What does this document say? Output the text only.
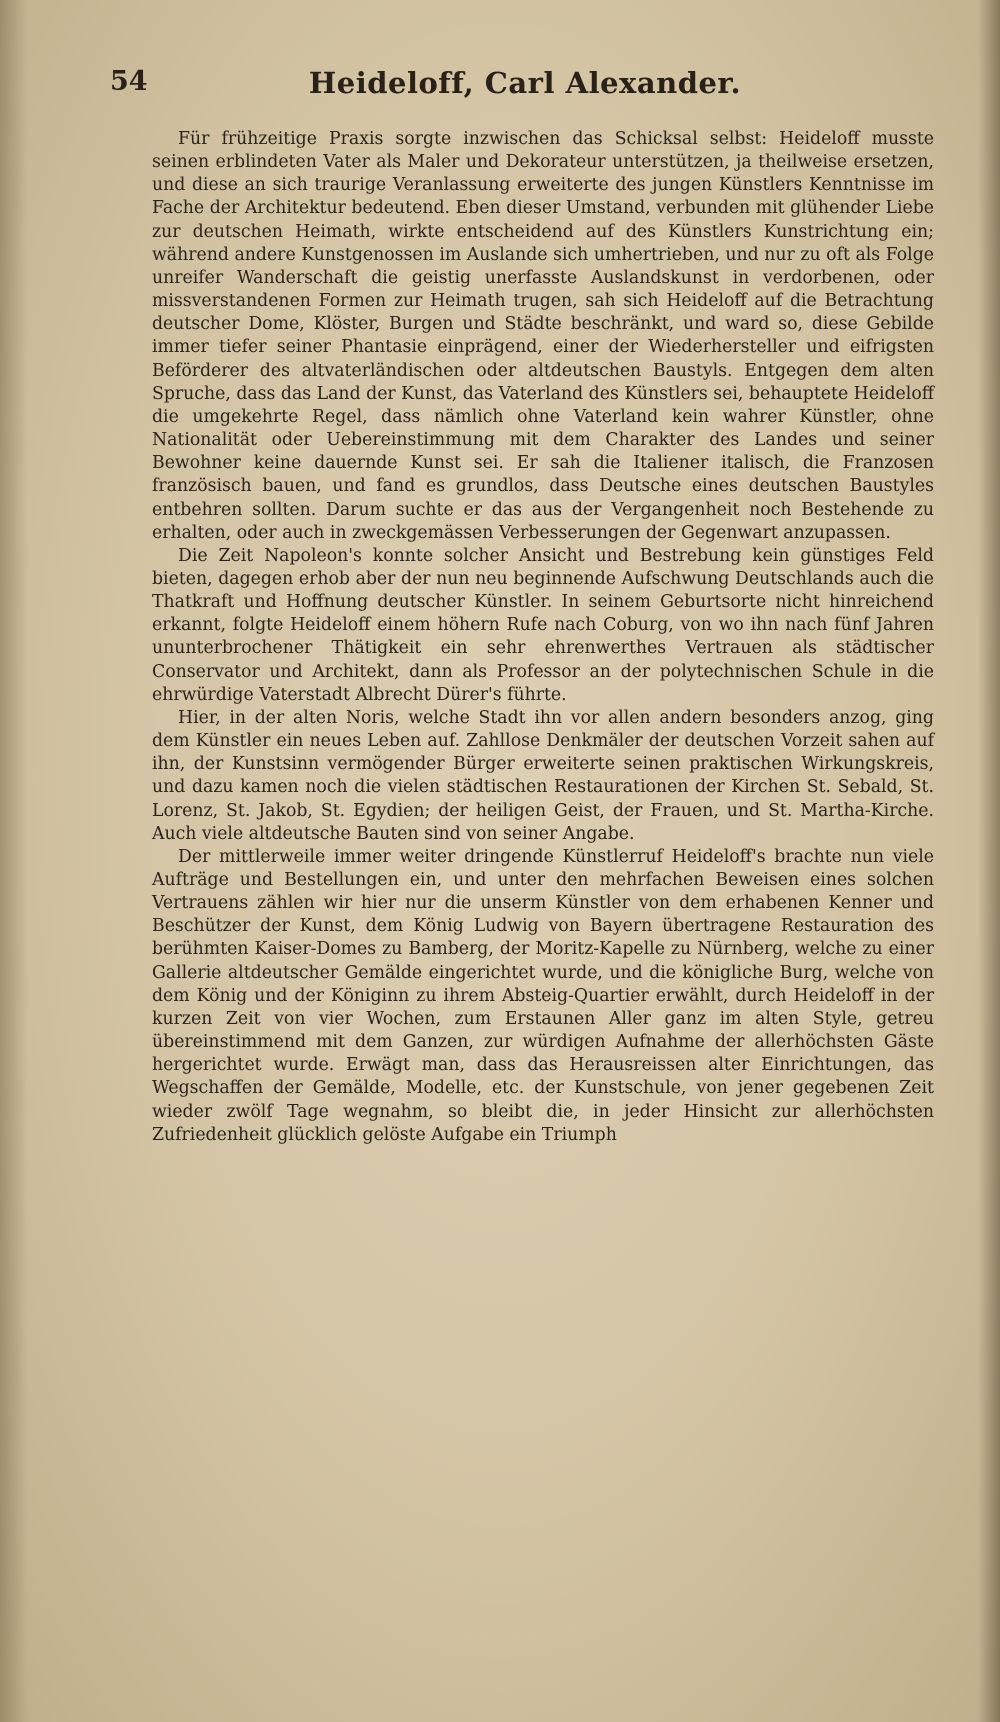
54	Heideloff, Carl Alexander.

Für frühzeitige Praxis sorgte inzwischen das Schicksal selbst: Heideloff musste seinen erblindeten Vater als Maler und Dekorateur unterstützen, ja theilweise ersetzen, und diese an sich traurige Veranlassung erweiterte des jungen Künstlers Kenntnisse im Fache der Architektur bedeutend. Eben dieser Umstand, verbunden mit glühender Liebe zur deutschen Heimath, wirkte entscheidend auf des Künstlers Kunstrichtung ein; während andere Kunstgenossen im Auslande sich umhertrieben, und nur zu oft als Folge unreifer Wanderschaft die geistig unerfasste Auslandskunst in verdorbenen, oder missverstandenen Formen zur Heimath trugen, sah sich Heideloff auf die Betrachtung deutscher Dome, Klöster, Burgen und Städte beschränkt, und ward so, diese Gebilde immer tiefer seiner Phantasie einprägend, einer der Wiederhersteller und eifrigsten Beförderer des altvaterländischen oder altdeutschen Baustyls. Entgegen dem alten Spruche, dass das Land der Kunst, das Vaterland des Künstlers sei, behauptete Heideloff die umgekehrte Regel, dass nämlich ohne Vaterland kein wahrer Künstler, ohne Nationalität oder Uebereinstimmung mit dem Charakter des Landes und seiner Bewohner keine dauernde Kunst sei. Er sah die Italiener italisch, die Franzosen französisch bauen, und fand es grundlos, dass Deutsche eines deutschen Baustyles entbehren sollten. Darum suchte er das aus der Vergangenheit noch Bestehende zu erhalten, oder auch in zweckgemässen Verbesserungen der Gegenwart anzupassen.

Die Zeit Napoleon's konnte solcher Ansicht und Bestrebung kein günstiges Feld bieten, dagegen erhob aber der nun neu beginnende Aufschwung Deutschlands auch die Thatkraft und Hoffnung deutscher Künstler. In seinem Geburtsorte nicht hinreichend erkannt, folgte Heideloff einem höhern Rufe nach Coburg, von wo ihn nach fünf Jahren ununterbrochener Thätigkeit ein sehr ehrenwerthes Vertrauen als städtischer Conservator und Architekt, dann als Professor an der polytechnischen Schule in die ehrwürdige Vaterstadt Albrecht Dürer's führte.

Hier, in der alten Noris, welche Stadt ihn vor allen andern besonders anzog, ging dem Künstler ein neues Leben auf. Zahllose Denkmäler der deutschen Vorzeit sahen auf ihn, der Kunstsinn vermögender Bürger erweiterte seinen praktischen Wirkungskreis, und dazu kamen noch die vielen städtischen Restaurationen der Kirchen St. Sebald, St. Lorenz, St. Jakob, St. Egydien; der heiligen Geist, der Frauen, und St. Martha-Kirche. Auch viele altdeutsche Bauten sind von seiner Angabe.

Der mittlerweile immer weiter dringende Künstlerruf Heideloff's brachte nun viele Aufträge und Bestellungen ein, und unter den mehrfachen Beweisen eines solchen Vertrauens zählen wir hier nur die unserm Künstler von dem erhabenen Kenner und Beschützer der Kunst, dem König Ludwig von Bayern übertragene Restauration des berühmten Kaiser-Domes zu Bamberg, der Moritz-Kapelle zu Nürnberg, welche zu einer Gallerie altdeutscher Gemälde eingerichtet wurde, und die königliche Burg, welche von dem König und der Königinn zu ihrem Absteig-Quartier erwählt, durch Heideloff in der kurzen Zeit von vier Wochen, zum Erstaunen Aller ganz im alten Style, getreu übereinstimmend mit dem Ganzen, zur würdigen Aufnahme der allerhöchsten Gäste hergerichtet wurde. Erwägt man, dass das Herausreissen alter Einrichtungen, das Wegschaffen der Gemälde, Modelle, etc. der Kunstschule, von jener gegebenen Zeit wieder zwölf Tage wegnahm, so bleibt die, in jeder Hinsicht zur allerhöchsten Zufriedenheit glücklich gelöste Aufgabe ein Triumph
